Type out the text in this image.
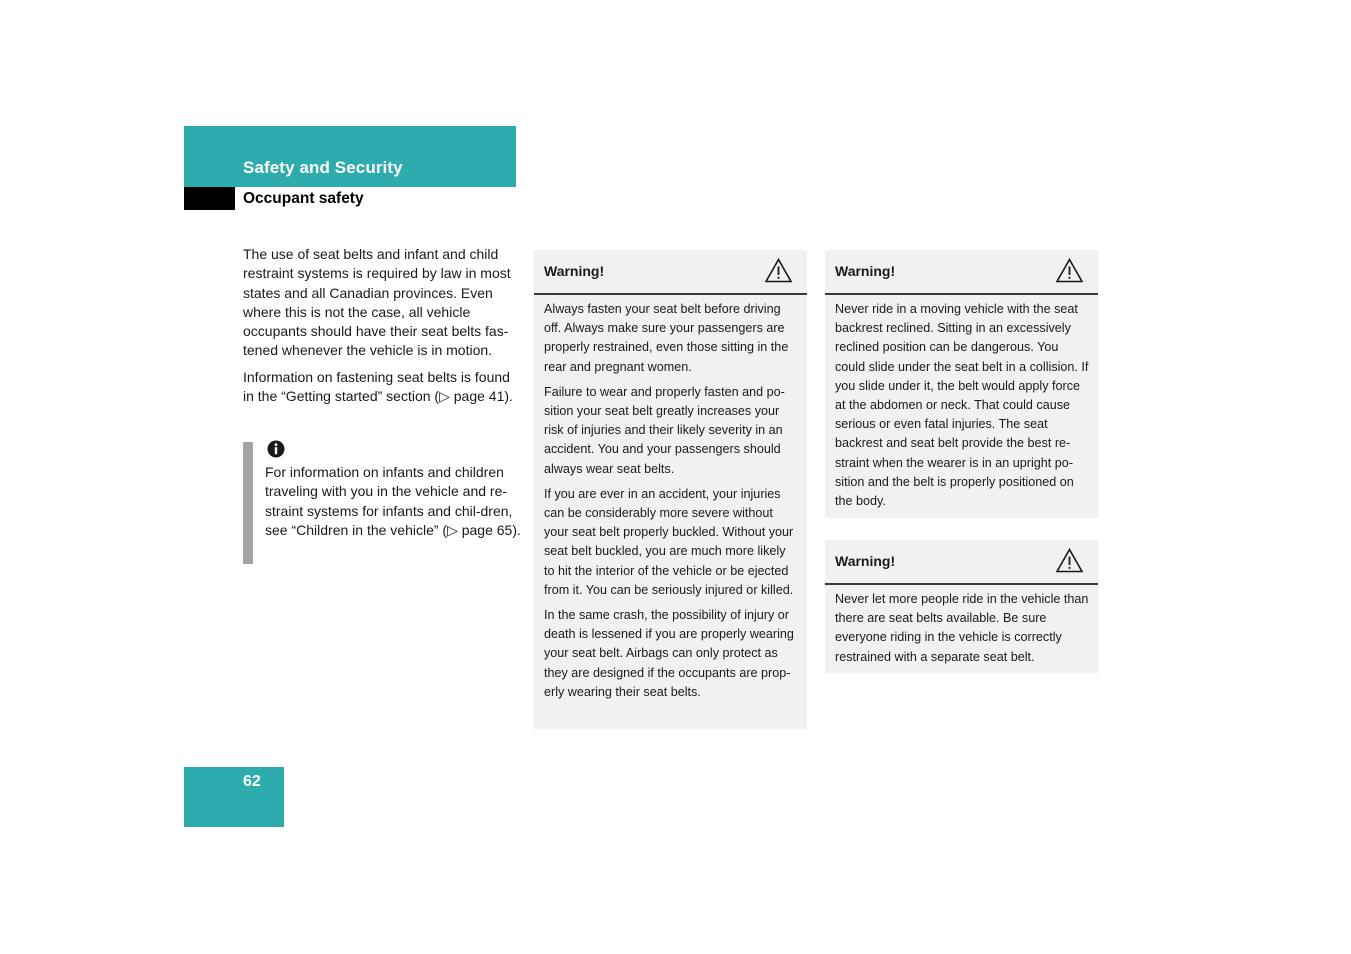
Safety and Security
Occupant safety

The use of seat belts and infant and child restraint systems is required by law in most states and all Canadian provinces. Even where this is not the case, all vehicle occupants should have their seat belts fas-tened whenever the vehicle is in motion.

Information on fastening seat belts is found in the “Getting started” section (▷ page 41).

For information on infants and children traveling with you in the vehicle and re-straint systems for infants and chil-dren, see “Children in the vehicle” (▷ page 65).
Warning!

Always fasten your seat belt before driving off. Always make sure your passengers are properly restrained, even those sitting in the rear and pregnant women.

Failure to wear and properly fasten and po-sition your seat belt greatly increases your risk of injuries and their likely severity in an accident. You and your passengers should always wear seat belts.

If you are ever in an accident, your injuries can be considerably more severe without your seat belt properly buckled. Without your seat belt buckled, you are much more likely to hit the interior of the vehicle or be ejected from it. You can be seriously injured or killed.

In the same crash, the possibility of injury or death is lessened if you are properly wearing your seat belt. Airbags can only protect as they are designed if the occupants are prop-erly wearing their seat belts.

Warning!

Never ride in a moving vehicle with the seat backrest reclined. Sitting in an excessively reclined position can be dangerous. You could slide under the seat belt in a collision. If you slide under it, the belt would apply force at the abdomen or neck. That could cause serious or even fatal injuries. The seat backrest and seat belt provide the best re-straint when the wearer is in an upright po-sition and the belt is properly positioned on the body.

Warning!

Never let more people ride in the vehicle than there are seat belts available. Be sure everyone riding in the vehicle is correctly restrained with a separate seat belt.

62
